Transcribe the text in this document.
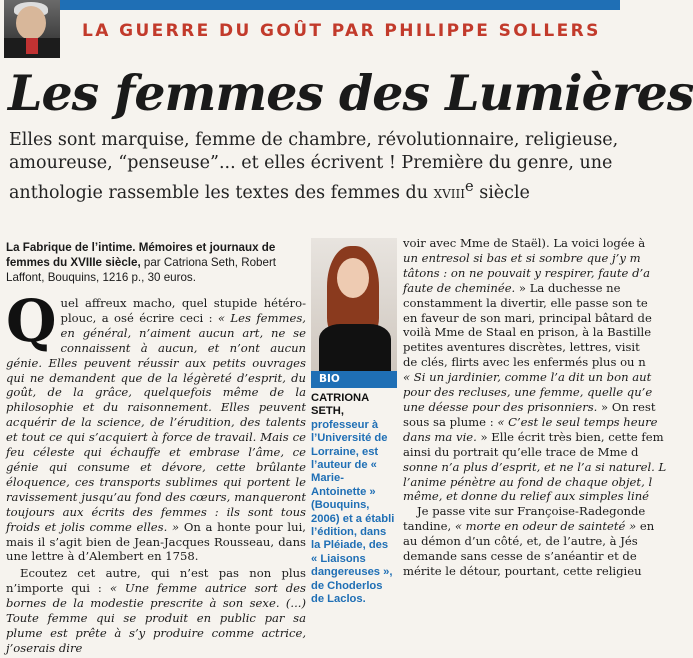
LA GUERRE DU GOÛT PAR PHILIPPE SOLLERS
Les femmes des Lumières
Elles sont marquise, femme de chambre, révolutionnaire, religieuse, amoureuse, “penseuse”... et elles écrivent ! Première du genre, une anthologie rassemble les textes des femmes du xviii$^e$ siècle
La Fabrique de l’intime. Mémoires et journaux de femmes du XVIIIe siècle, par Catriona Seth, Robert Laffont, Bouquins, 1216 p., 30 euros.
BIO
CATRIONA SETH, professeur à l’Université de Lorraine, est l’auteur de « Marie-Antoinette » (Bouquins, 2006) et a établi l’édition, dans la Pléiade, des « Liaisons dangereuses », de Choderlos de Laclos.

Quel affreux macho, quel stupide hétéro-plouc, a osé écrire ceci : « Les femmes, en général, n’aiment aucun art, ne se connaissent à aucun, et n’ont aucun génie. Elles peuvent réussir aux petits ouvrages qui ne demandent que de la légèreté d’esprit, du goût, de la grâce, quelquefois même de la philosophie et du raisonnement. Elles peuvent acquérir de la science, de l’érudition, des talents et tout ce qui s’acquiert à force de travail. Mais ce feu céleste qui échauffe et embrase l’âme, ce génie qui consume et dévore, cette brûlante éloquence, ces transports sublimes qui portent le ravissement jusqu’au fond des cœurs, manqueront toujours aux écrits des femmes : ils sont tous froids et jolis comme elles. » On a honte pour lui, mais il s’agit bien de Jean-Jacques Rousseau, dans une lettre à d’Alembert en 1758.

Ecoutez cet autre, qui n’est pas non plus n’importe qui : « Une femme autrice sort des bornes de la modestie prescrite à son sexe. (...) Toute femme qui se produit en public par sa plume est prête à s’y produire comme actrice, j’oserais dire

voir avec Mme de Staël). La voici logée à

un entresol si bas et si sombre que j’y m

tâtons : on ne pouvait y respirer, faute d’a

faute de cheminée. » La duchesse ne

constamment la divertir, elle passe son te

en faveur de son mari, principal bâtard de

voilà Mme de Staal en prison, à la Bastille

petites aventures discrètes, lettres, visit

de clés, flirts avec les enfermés plus ou n

« Si un jardinier, comme l’a dit un bon aut

pour des recluses, une femme, quelle qu’e

une déesse pour des prisonniers. » On rest

sous sa plume : « C’est le seul temps heure

dans ma vie. » Elle écrit très bien, cette fem

ainsi du portrait qu’elle trace de Mme d

sonne n’a plus d’esprit, et ne l’a si naturel. L

l’anime pénètre au fond de chaque objet, l

même, et donne du relief aux simples liné

Je passe vite sur Françoise-Radegonde

tandine, « morte en odeur de sainteté » en

au démon d’un côté, et, de l’autre, à Jés

demande sans cesse de s’anéantir et de

mérite le détour, pourtant, cette religieu
